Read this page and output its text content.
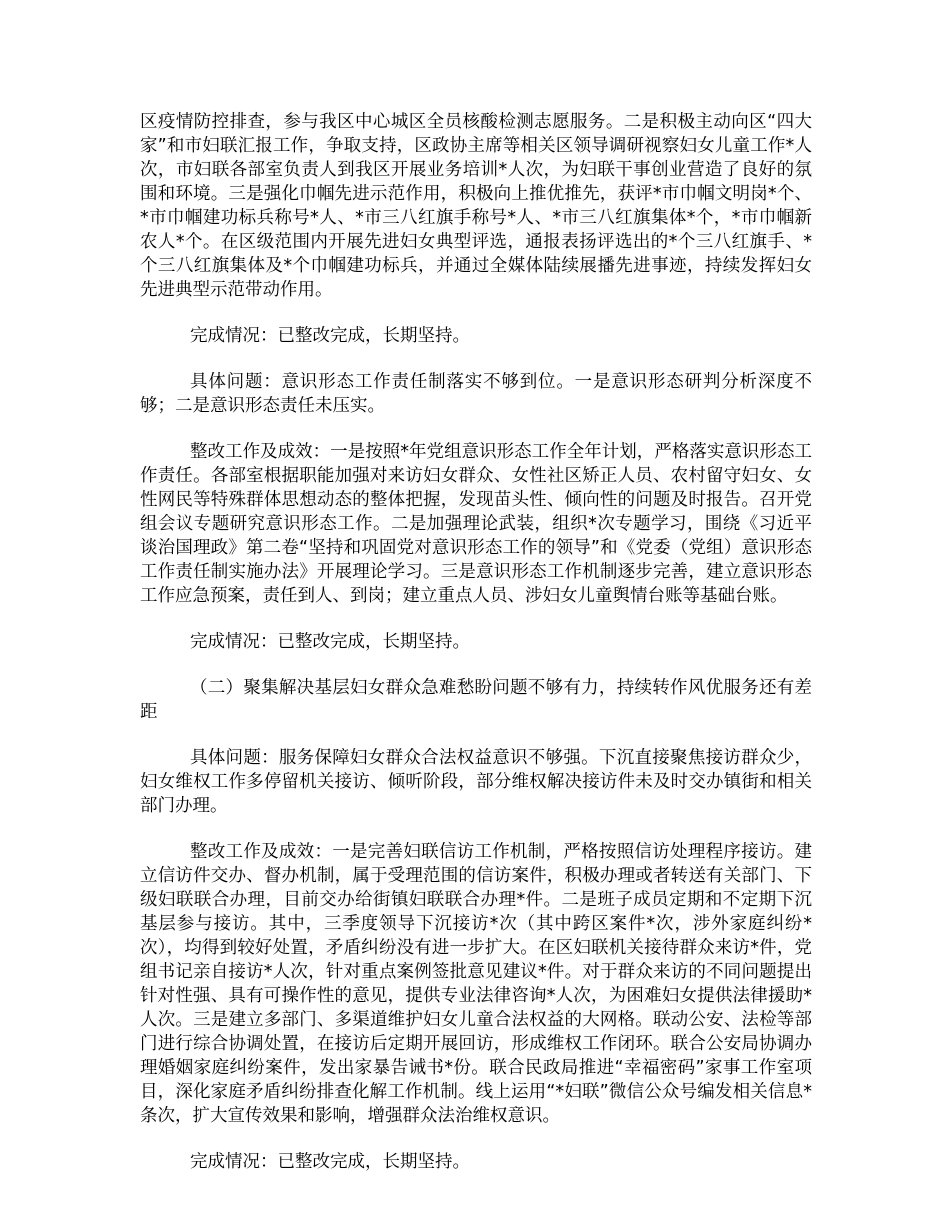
区疫情防控排查，参与我区中心城区全员核酸检测志愿服务。二是积极主动向区“四大家”和市妇联汇报工作，争取支持，区政协主席等相关区领导调研视察妇女儿童工作*人次，市妇联各部室负责人到我区开展业务培训*人次，为妇联干事创业营造了良好的氛围和环境。三是强化巾帼先进示范作用，积极向上推优推先，获评*市巾帼文明岗*个、*市巾帼建功标兵称号*人、*市三八红旗手称号*人、*市三八红旗集体*个，*市巾帼新农人*个。在区级范围内开展先进妇女典型评选，通报表扬评选出的*个三八红旗手、*个三八红旗集体及*个巾帼建功标兵，并通过全媒体陆续展播先进事迹，持续发挥妇女先进典型示范带动作用。

完成情况：已整改完成，长期坚持。

具体问题：意识形态工作责任制落实不够到位。一是意识形态研判分析深度不够；二是意识形态责任未压实。

整改工作及成效：一是按照*年党组意识形态工作全年计划，严格落实意识形态工作责任。各部室根据职能加强对来访妇女群众、女性社区矫正人员、农村留守妇女、女性网民等特殊群体思想动态的整体把握，发现苗头性、倾向性的问题及时报告。召开党组会议专题研究意识形态工作。二是加强理论武装，组织*次专题学习，围绕《习近平谈治国理政》第二卷“坚持和巩固党对意识形态工作的领导”和《党委（党组）意识形态工作责任制实施办法》开展理论学习。三是意识形态工作机制逐步完善，建立意识形态工作应急预案，责任到人、到岗；建立重点人员、涉妇女儿童舆情台账等基础台账。

完成情况：已整改完成，长期坚持。

（二）聚集解决基层妇女群众急难愁盼问题不够有力，持续转作风优服务还有差距

具体问题：服务保障妇女群众合法权益意识不够强。下沉直接聚焦接访群众少，妇女维权工作多停留机关接访、倾听阶段，部分维权解决接访件未及时交办镇街和相关部门办理。

整改工作及成效：一是完善妇联信访工作机制，严格按照信访处理程序接访。建立信访件交办、督办机制，属于受理范围的信访案件，积极办理或者转送有关部门、下级妇联联合办理，目前交办给街镇妇联联合办理*件。二是班子成员定期和不定期下沉基层参与接访。其中，三季度领导下沉接访*次（其中跨区案件*次，涉外家庭纠纷*次），均得到较好处置，矛盾纠纷没有进一步扩大。在区妇联机关接待群众来访*件，党组书记亲自接访*人次，针对重点案例签批意见建议*件。对于群众来访的不同问题提出针对性强、具有可操作性的意见，提供专业法律咨询*人次，为困难妇女提供法律援助*人次。三是建立多部门、多渠道维护妇女儿童合法权益的大网格。联动公安、法检等部门进行综合协调处置，在接访后定期开展回访，形成维权工作闭环。联合公安局协调办理婚姻家庭纠纷案件，发出家暴告诫书*份。联合民政局推进“幸福密码”家事工作室项目，深化家庭矛盾纠纷排查化解工作机制。线上运用“*妇联”微信公众号编发相关信息*条次，扩大宣传效果和影响，增强群众法治维权意识。

完成情况：已整改完成，长期坚持。
